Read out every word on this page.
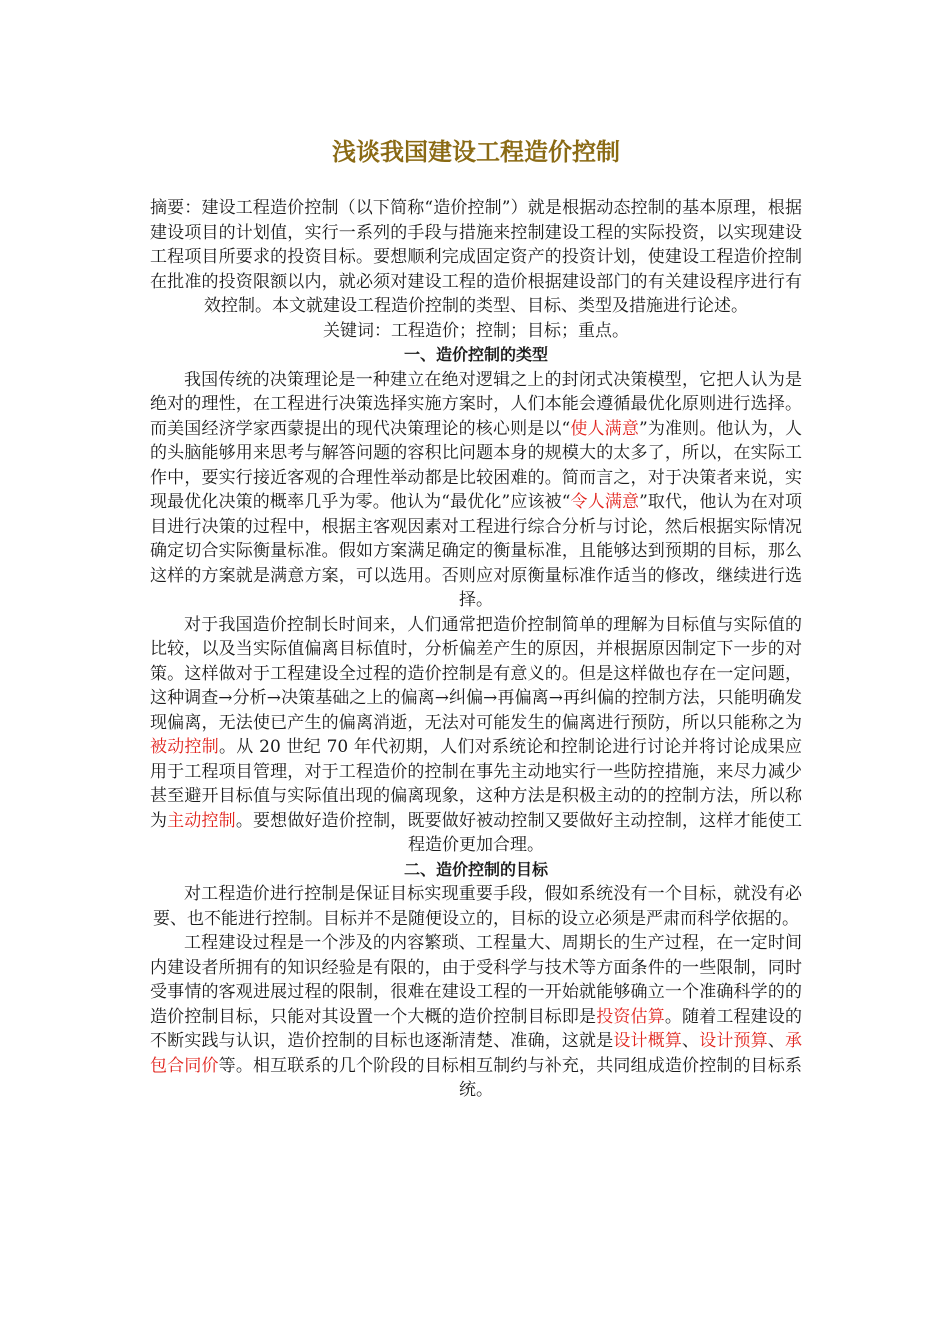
浅谈我国建设工程造价控制

摘要：建设工程造价控制（以下简称“造价控制”）就是根据动态控制的基本原理，根据建设项目的计划值，实行一系列的手段与措施来控制建设工程的实际投资，以实现建设工程项目所要求的投资目标。要想顺利完成固定资产的投资计划，使建设工程造价控制在批准的投资限额以内，就必须对建设工程的造价根据建设部门的有关建设程序进行有效控制。本文就建设工程造价控制的类型、目标、类型及措施进行论述。

关键词：工程造价；控制；目标；重点。

一、造价控制的类型

我国传统的决策理论是一种建立在绝对逻辑之上的封闭式决策模型，它把人认为是绝对的理性，在工程进行决策选择实施方案时，人们本能会遵循最优化原则进行选择。而美国经济学家西蒙提出的现代决策理论的核心则是以“使人满意”为准则。他认为，人的头脑能够用来思考与解答问题的容积比问题本身的规模大的太多了，所以，在实际工作中，要实行接近客观的合理性举动都是比较困难的。简而言之，对于决策者来说，实现最优化决策的概率几乎为零。他认为“最优化”应该被“令人满意”取代，他认为在对项目进行决策的过程中，根据主客观因素对工程进行综合分析与讨论，然后根据实际情况确定切合实际衡量标准。假如方案满足确定的衡量标准，且能够达到预期的目标，那么这样的方案就是满意方案，可以选用。否则应对原衡量标准作适当的修改，继续进行选择。

对于我国造价控制长时间来，人们通常把造价控制简单的理解为目标值与实际值的比较，以及当实际值偏离目标值时，分析偏差产生的原因，并根据原因制定下一步的对策。这样做对于工程建设全过程的造价控制是有意义的。但是这样做也存在一定问题，这种调查→分析→决策基础之上的偏离→纠偏→再偏离→再纠偏的控制方法，只能明确发现偏离，无法使已产生的偏离消逝，无法对可能发生的偏离进行预防，所以只能称之为被动控制。从 20 世纪 70 年代初期，人们对系统论和控制论进行讨论并将讨论成果应用于工程项目管理，对于工程造价的控制在事先主动地实行一些防控措施，来尽力减少甚至避开目标值与实际值出现的偏离现象，这种方法是积极主动的的控制方法，所以称为主动控制。要想做好造价控制，既要做好被动控制又要做好主动控制，这样才能使工程造价更加合理。

二、造价控制的目标

对工程造价进行控制是保证目标实现重要手段，假如系统没有一个目标，就没有必要、也不能进行控制。目标并不是随便设立的，目标的设立必须是严肃而科学依据的。

工程建设过程是一个涉及的内容繁琐、工程量大、周期长的生产过程，在一定时间内建设者所拥有的知识经验是有限的，由于受科学与技术等方面条件的一些限制，同时受事情的客观进展过程的限制，很难在建设工程的一开始就能够确立一个准确科学的的造价控制目标，只能对其设置一个大概的造价控制目标即是投资估算。随着工程建设的不断实践与认识，造价控制的目标也逐渐清楚、准确，这就是设计概算、设计预算、承包合同价等。相互联系的几个阶段的目标相互制约与补充，共同组成造价控制的目标系统。
